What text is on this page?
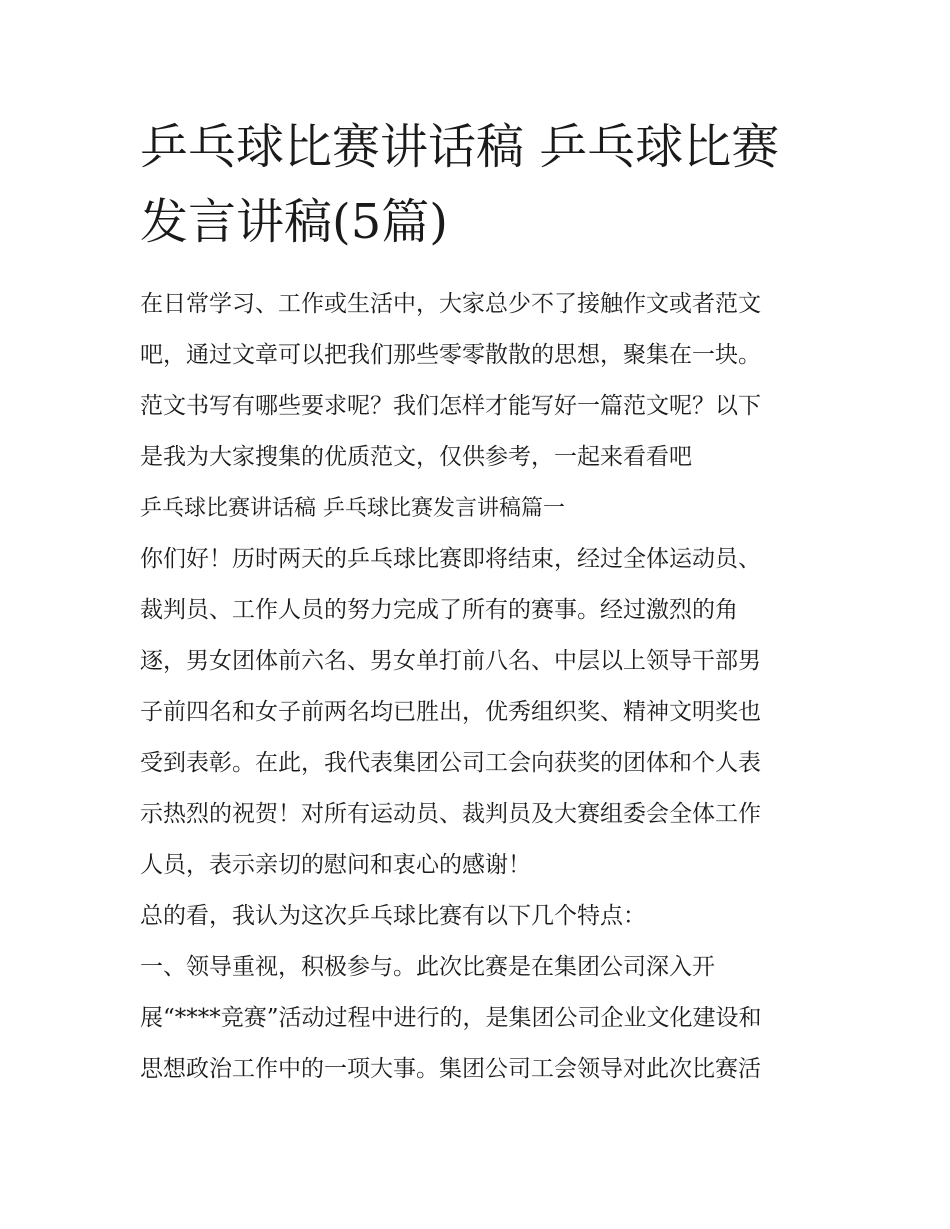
乒乓球比赛讲话稿 乒乓球比赛
发言讲稿(5篇)
在日常学习、工作或生活中，大家总少不了接触作文或者范文
吧，通过文章可以把我们那些零零散散的思想，聚集在一块。
范文书写有哪些要求呢？我们怎样才能写好一篇范文呢？以下
是我为大家搜集的优质范文，仅供参考，一起来看看吧
乒乓球比赛讲话稿 乒乓球比赛发言讲稿篇一
你们好！历时两天的乒乓球比赛即将结束，经过全体运动员、
裁判员、工作人员的努力完成了所有的赛事。经过激烈的角
逐，男女团体前六名、男女单打前八名、中层以上领导干部男
子前四名和女子前两名均已胜出，优秀组织奖、精神文明奖也
受到表彰。在此，我代表集团公司工会向获奖的团体和个人表
示热烈的祝贺！对所有运动员、裁判员及大赛组委会全体工作
人员，表示亲切的慰问和衷心的感谢！
总的看，我认为这次乒乓球比赛有以下几个特点：
一、领导重视，积极参与。此次比赛是在集团公司深入开
展“****竞赛”活动过程中进行的，是集团公司企业文化建设和
思想政治工作中的一项大事。集团公司工会领导对此次比赛活
